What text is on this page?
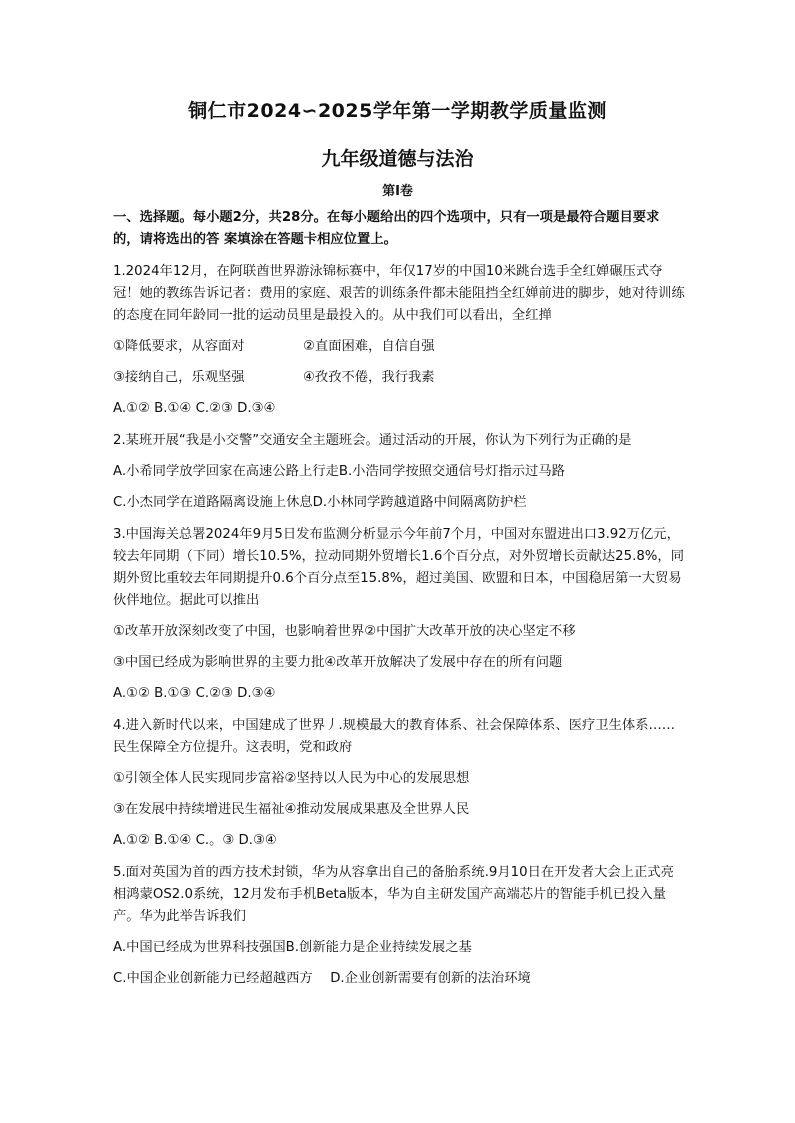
铜仁市2024∽2025学年第一学期教学质量监测
九年级道德与法治
第I卷

一、选择题。每小题2分，共28分。在每小题给出的四个选项中，只有一项是最符合题目要求的，请将选出的答 案填涂在答题卡相应位置上。

1.2024年12月，在阿联酋世界游泳锦标赛中，年仅17岁的中国10米跳台选手全红婵碾压式夺冠！她的教练告诉记者：费用的家庭、艰苦的训练条件都未能阻挡全红婵前进的脚步，她对待训练的态度在同年龄同一批的运动员里是最投入的。从中我们可以看出，全红掸

①降低要求，从容面对	②直面困难，自信自强
③接纳自己，乐观坚强	④孜孜不倦，我行我素

A.①② B.①④ C.②③ D.③④

2.某班开展“我是小交警”交通安全主题班会。通过活动的开展，你认为下列行为正确的是

A.小希同学放学回家在高速公路上行走B.小浩同学按照交通信号灯指示过马路

C.小杰同学在道路隔离设施上休息D.小林同学跨越道路中间隔离防护栏

3.中国海关总署2024年9月5日发布监测分析显示今年前7个月，中国对东盟进出口3.92万亿元，较去年同期（下同）增长10.5%，拉动同期外贸增长1.6个百分点，对外贸增长贡献达25.8%，同期外贸比重较去年同期提升0.6个百分点至15.8%，超过美国、欧盟和日本，中国稳居第一大贸易伙伴地位。据此可以推出

①改革开放深刻改变了中国，也影响着世界②中国扩大改革开放的决心坚定不移

③中国已经成为影响世界的主要力批④改革开放解决了发展中存在的所有问题

A.①② B.①③ C.②③ D.③④

4.进入新时代以来，中国建成了世界丿.规模最大的教育体系、社会保障体系、医疗卫生体系……民生保障全方位提升。这表明，党和政府

①引领全体人民实现同步富裕②坚持以人民为中心的发展思想

③在发展中持续增进民生福祉④推动发展成果惠及全世界人民

A.①② B.①④ C.。③ D.③④

5.面对英国为首的西方技术封锁，华为从容拿出自己的备胎系统.9月10日在开发者大会上正式亮相鸿蒙OS2.0系统，12月发布手机Beta版本，华为自主研发国产高端芯片的智能手机已投入量产。华为此举告诉我们

A.中国已经成为世界科技强国B.创新能力是企业持续发展之基

C.中国企业创新能力已经超越西方　 D.企业创新需要有创新的法治环境
